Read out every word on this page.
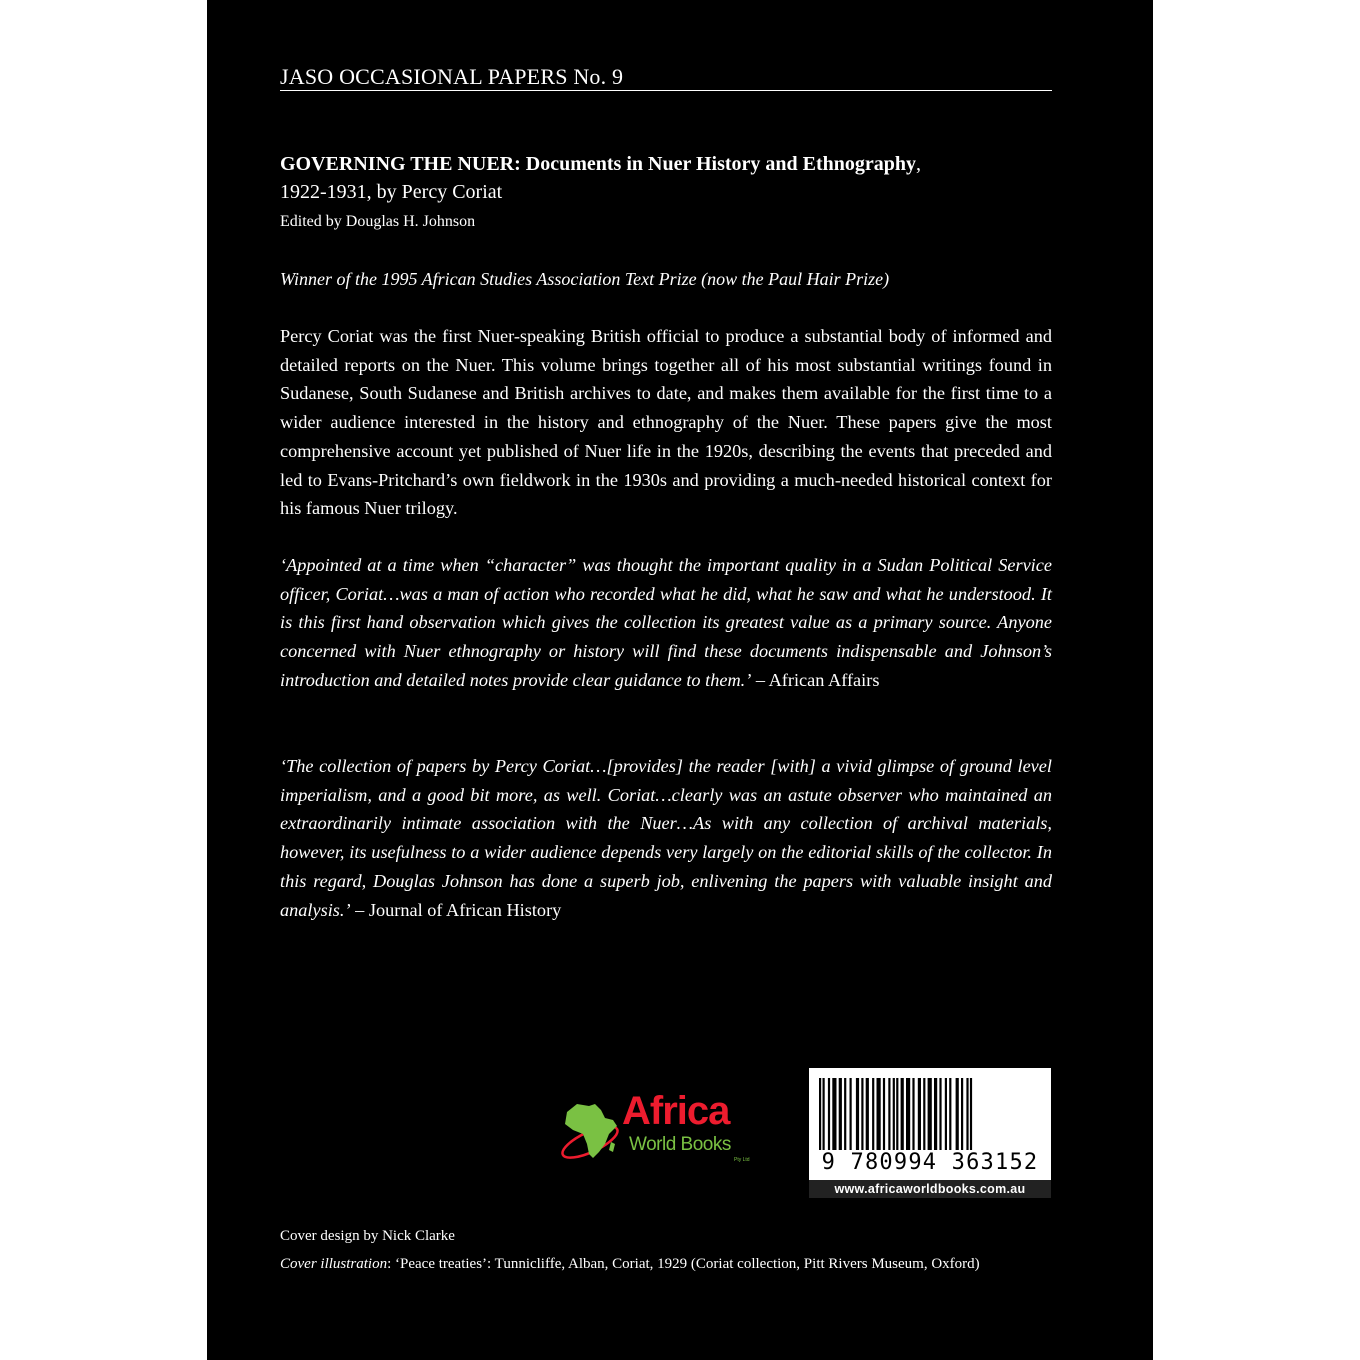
JASO OCCASIONAL PAPERS No. 9
GOVERNING THE NUER: Documents in Nuer History and Ethnography,
1922-1931, by Percy Coriat
Edited by Douglas H. Johnson
Winner of the 1995 African Studies Association Text Prize (now the Paul Hair Prize)

Percy Coriat was the first Nuer-speaking British official to produce a substantial body of informed and detailed reports on the Nuer. This volume brings together all of his most substantial writings found in Sudanese, South Sudanese and British archives to date, and makes them available for the first time to a wider audience interested in the history and ethnography of the Nuer. These papers give the most comprehensive account yet published of Nuer life in the 1920s, describing the events that preceded and led to Evans-Pritchard’s own fieldwork in the 1930s and providing a much-needed historical context for his famous Nuer trilogy.

‘Appointed at a time when “character” was thought the important quality in a Sudan Political Service officer, Coriat…was a man of action who recorded what he did, what he saw and what he understood. It is this first hand observation which gives the collection its greatest value as a primary source. Anyone concerned with Nuer ethnography or history will find these documents indispensable and Johnson’s introduction and detailed notes provide clear guidance to them.’ – African Affairs

‘The collection of papers by Percy Coriat…[provides] the reader [with] a vivid glimpse of ground level imperialism, and a good bit more, as well. Coriat…clearly was an astute observer who maintained an extraordinarily intimate association with the Nuer…As with any collection of archival materials, however, its usefulness to a wider audience depends very largely on the editorial skills of the collector. In this regard, Douglas Johnson has done a superb job, enlivening the papers with valuable insight and analysis.’ – Journal of African History

Africa
World Books
Pty Ltd	9 780994 363152
www.africaworldbooks.com.au
Cover design by Nick Clarke
Cover illustration: ‘Peace treaties’: Tunnicliffe, Alban, Coriat, 1929 (Coriat collection, Pitt Rivers Museum, Oxford)
